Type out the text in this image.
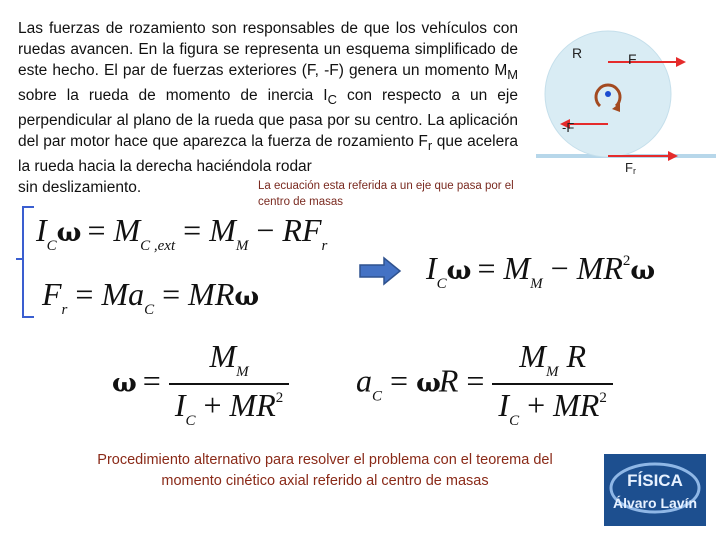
Las fuerzas de rozamiento son responsables de que los vehículos con ruedas avancen. En la figura se representa un esquema simplificado de este hecho. El par de fuerzas exteriores (F, -F) genera un momento $M_M$ sobre la rueda de momento de inercia $I_C$ con respecto a un eje perpendicular al plano de la rueda que pasa por su centro. La aplicación del par motor hace que aparezca la fuerza de rozamiento $F_r$ que acelera la rueda hacia la derecha haciéndola rodar
sin deslizamiento.	La ecuación esta referida a un eje que pasa por el centro de masas
R	F
-F
Fr
$I_C𝛚 = M_{C ,ext} = M_M - RF_r$
$F_r = Ma_C$ = MR𝛚
$I_C𝛚 = M_M$ − $MR^2𝛚$
𝛚 = $\frac{M_M}{I_C + MR^2} a_C$ = 𝛚R = $\frac{M_M R}{I_C + MR^2}$
Procedimiento alternativo para resolver el problema con el teorema del momento cinético axial referido al centro de masas	FÍSICA
Álvaro Lavín
